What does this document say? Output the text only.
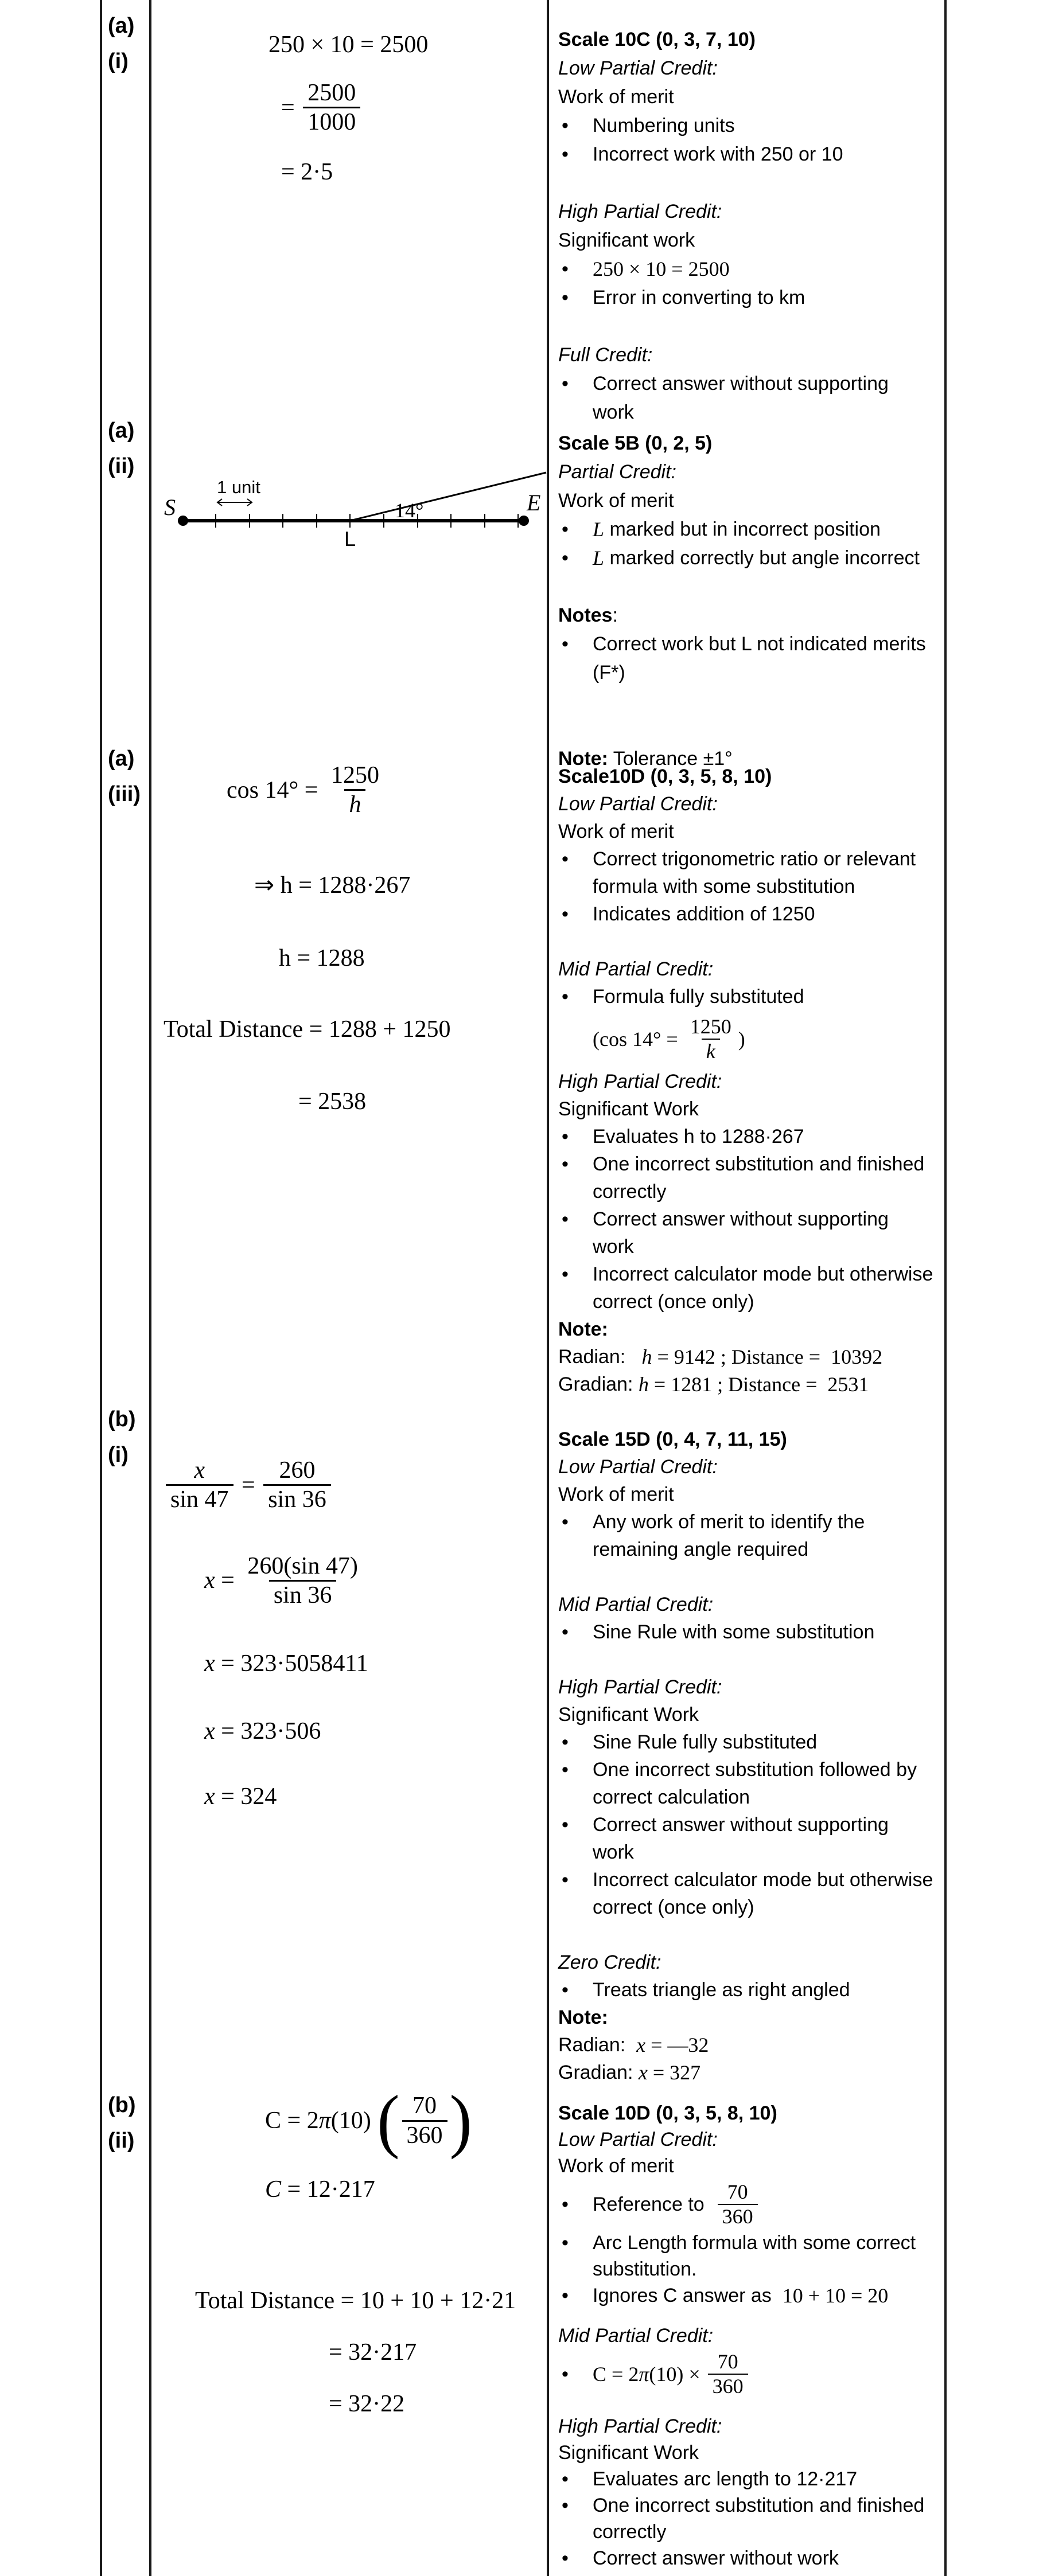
(a)
(i)
250 × 10 = 2500
= $\frac{2500}{1000}$
= 2·5
Scale 10C (0, 3, 7, 10)
Low Partial Credit:
Work of merit
• Numbering units
• Incorrect work with 250 or 10
High Partial Credit:
Significant work
• 250 × 10 = 2500
• Error in converting to km
Full Credit:
• Correct answer without supporting
work
(a)
(ii)
Scale 5B (0, 2, 5)
Partial Credit:
Work of merit
• L marked but in incorrect position
• L marked correctly but angle incorrect
Notes :
• Correct work but L not indicated merits
(F*)
Note: Tolerance ±1°
(a)
(iii)	$\cos 14^\circ = \frac{1250}{h}$
⇒ h = 1288·267
h = 1288
Total Distance = 1288 + 1250
= 2538
Scale10D (0, 3, 5, 8, 10)
Low Partial Credit:
Work of merit
• Correct trigonometric ratio or relevant
formula with some substitution
• Indicates addition of 1250
Mid Partial Credit:
• Formula fully substituted
(cos $14^\circ = \frac{1250}{k}$ )
High Partial Credit:
Significant Work
• Evaluates h to 1288·267
• One incorrect substitution and finished
correctly
• Correct answer without supporting
work
• Incorrect calculator mode but otherwise
correct (once only)
Note:
Radian: h = 9142 ; Distance =  10392
Gradian: h = 1281 ; Distance =  2531
(b)
(i)
$\frac{x}{\sin 47} = \frac{260}{\sin 36}$
$x = \frac{260(\sin 47)}{\sin 36}$
x = 323·5058411
x = 323·506
x = 324
Scale 15D (0, 4, 7, 11, 15)
Low Partial Credit:
Work of merit
• Any work of merit to identify the
remaining angle required
Mid Partial Credit:
• Sine Rule with some substitution
High Partial Credit:
Significant Work
• Sine Rule fully substituted
• One incorrect substitution followed by
correct calculation
• Correct answer without supporting
work
• Incorrect calculator mode but otherwise
correct (once only)
Zero Credit:
• Treats triangle as right angled
Note:
Radian: x = —32
Gradian: x = 327
(b)
(ii)
C = 2 π (10) ( $\frac{70}{360}$ )
C = 12·217
Total Distance = 10 + 10 + 12·21
= 32·217
= 32·22
Scale 10D (0, 3, 5, 8, 10)
Low Partial Credit:
Work of merit
• Reference to $\frac{70}{360}$
• Arc Length formula with some correct
substitution.
• Ignores C answer as 10 + 10 = 20
Mid Partial Credit:
• C = 2 π $(10) \times \frac{70}{360}$
High Partial Credit:
Significant Work
• Evaluates arc length to 12·217
• One incorrect substitution and finished
correctly
• Correct answer without work
S	E
L
14°
1 unit
